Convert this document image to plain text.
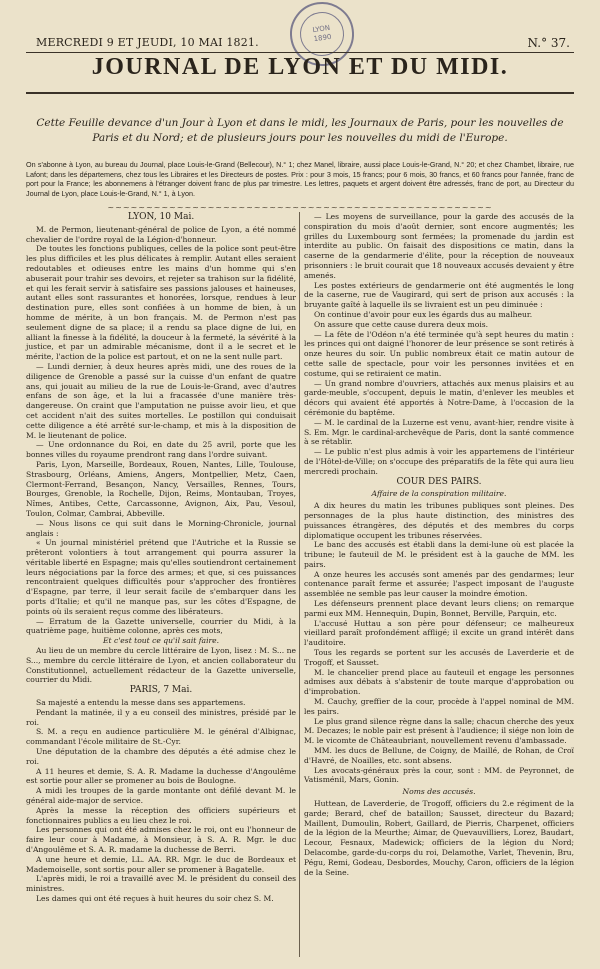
LYON
1890
MERCREDI 9 ET JEUDI, 10 MAI 1821.	N.° 37.
JOURNAL DE LYON ET DU MIDI.
Cette Feuille devance d'un Jour à Lyon et dans le midi, les Journaux de Paris, pour les nouvelles de Paris et du Nord; et de plusieurs jours pour les nouvelles du midi de l'Europe.
On s'abonne à Lyon, au bureau du Journal, place Louis-le-Grand (Bellecour), N.° 1; chez Manel, libraire, aussi place Louis-le-Grand, N.° 20; et chez Chambet, libraire, rue Lafont; dans les départemens, chez tous les Libraires et les Directeurs de postes. Prix : pour 3 mois, 15 francs; pour 6 mois, 30 francs, et 60 francs pour l'année, franc de port pour la France; les abonnemens à l'étranger doivent franc de plus par trimestre. Les lettres, paquets et argent doivent être adressés, franc de port, au Directeur du Journal de Lyon, place Louis-le-Grand, N.° 1, à Lyon.
~~~~~~~~~~~~~~~~~~~~~~~~~~~~~~~~~~~~~~~~~~~~~~~~~~

LYON, 10 Mai.

M. de Permon, lieutenant-général de police de Lyon, a été nommé chevalier de l'ordre royal de la Légion-d'honneur.

De toutes les fonctions publiques, celles de la police sont peut-être les plus difficiles et les plus délicates à remplir. Autant elles seraient redoutables et odieuses entre les mains d'un homme qui s'en abuserait pour trahir ses devoirs, et rejeter sa trahison sur la fidélité, et qui les ferait servir à satisfaire ses passions jalouses et haineuses, autant elles sont rassurantes et honorées, lorsque, rendues à leur destination pure, elles sont confiées à un homme de bien, à un homme de mérite, à un bon français. M. de Permon n'est pas seulement digne de sa place; il a rendu sa place digne de lui, en alliant la finesse à la fidélité, la douceur à la fermeté, la sévérité à la justice, et par un admirable mécanisme, dont il a le secret et le mérite, l'action de la police est partout, et on ne la sent nulle part.

— Lundi dernier, à deux heures après midi, une des roues de la diligence de Grenoble a passé sur la cuisse d'un enfant de quatre ans, qui jouait au milieu de la rue de Louis-le-Grand, avec d'autres enfans de son âge, et la lui a fracassée d'une manière très-dangereuse. On craint que l'amputation ne puisse avoir lieu, et que cet accident n'ait des suites mortelles. Le postillon qui conduisait cette diligence a été arrêté sur-le-champ, et mis à la disposition de M. le lieutenant de police.

— Une ordonnance du Roi, en date du 25 avril, porte que les bonnes villes du royaume prendront rang dans l'ordre suivant.

Paris, Lyon, Marseille, Bordeaux, Rouen, Nantes, Lille, Toulouse, Strasbourg, Orléans, Amiens, Angers, Montpellier, Metz, Caen, Clermont-Ferrand, Besançon, Nancy, Versailles, Rennes, Tours, Bourges, Grenoble, la Rochelle, Dijon, Reims, Montauban, Troyes, Nîmes, Antibes, Cette, Carcassonne, Avignon, Aix, Pau, Vesoul, Toulon, Colmar, Cambrai, Abbeville.

— Nous lisons ce qui suit dans le Morning-Chronicle, journal anglais :

« Un journal ministériel prétend que l'Autriche et la Russie se prêteront volontiers à tout arrangement qui pourra assurer la véritable liberté en Espagne; mais qu'elles soutiendront certainement leurs négociations par la force des armes; et que, si ces puissances rencontraient quelques difficultés pour s'approcher des frontières d'Espagne, par terre, il leur serait facile de s'embarquer dans les ports d'Italie; et qu'il ne manque pas, sur les côtes d'Espagne, de points où ils seraient reçus comme des libérateurs.

— Erratum de la Gazette universelle, courrier du Midi, à la quatrième page, huitième colonne, après ces mots,

Et c'est tout ce qu'il sait faire.

Au lieu de un membre du cercle littéraire de Lyon, lisez : M. S... ne S..., membre du cercle littéraire de Lyon, et ancien collaborateur du Constitutionnel, actuellement rédacteur de la Gazette universelle, courrier du Midi.

PARIS, 7 Mai.

Sa majesté a entendu la messe dans ses appartemens.

Pendant la matinée, il y a eu conseil des ministres, présidé par le roi.

S. M. a reçu en audience particulière M. le général d'Albignac, commandant l'école militaire de St.-Cyr.

Une députation de la chambre des députés a été admise chez le roi.

A 11 heures et demie, S. A. R. Madame la duchesse d'Angoulême est sortie pour aller se promener au bois de Boulogne.

A midi les troupes de la garde montante ont défilé devant M. le général aide-major de service.

Après la messe la réception des officiers supérieurs et fonctionnaires publics a eu lieu chez le roi.

Les personnes qui ont été admises chez le roi, ont eu l'honneur de faire leur cour à Madame, à Monsieur, à S. A. R. Mgr. le duc d'Angoulême et S. A. R. madame la duchesse de Berri.

A une heure et demie, LL. AA. RR. Mgr. le duc de Bordeaux et Mademoiselle, sont sortis pour aller se promener à Bagatelle.

L'après midi, le roi a travaillé avec M. le président du conseil des ministres.

Les dames qui ont été reçues à huit heures du soir chez S. M.

— Les moyens de surveillance, pour la garde des accusés de la conspiration du mois d'août dernier, sont encore augmentés; les grilles du Luxembourg sont fermées; la promenade du jardin est interdite au public. On faisait des dispositions ce matin, dans la caserne de la gendarmerie d'élite, pour la réception de nouveaux prisonniers : le bruit courait que 18 nouveaux accusés devaient y être amenés.

Les postes extérieurs de gendarmerie ont été augmentés le long de la caserne, rue de Vaugirard, qui sert de prison aux accusés : la bruyante gaîté à laquelle ils se livraient est un peu diminuée :

On continue d'avoir pour eux les égards dus au malheur.

On assure que cette cause durera deux mois.

— La fête de l'Odéon n'a été terminée qu'à sept heures du matin : les princes qui ont daigné l'honorer de leur présence se sont retirés à onze heures du soir. Un public nombreux était ce matin autour de cette salle de spectacle, pour voir les personnes invitées et en costume, qui se retiraient ce matin.

— Un grand nombre d'ouvriers, attachés aux menus plaisirs et au garde-meuble, s'occupent, depuis le matin, d'enlever les meubles et décors qui avaient été apportés à Notre-Dame, à l'occasion de la cérémonie du baptême.

— M. le cardinal de la Luzerne est venu, avant-hier, rendre visite à S. Em. Mgr. le cardinal-archevêque de Paris, dont la santé commence à se rétablir.

— Le public n'est plus admis à voir les appartemens de l'intérieur de l'Hôtel-de-Ville; on s'occupe des préparatifs de la fête qui aura lieu mercredi prochain.

COUR DES PAIRS.

Affaire de la conspiration militaire.

A dix heures du matin les tribunes publiques sont pleines. Des personnages de la plus haute distinction, des ministres des puissances étrangères, des députés et des membres du corps diplomatique occupent les tribunes réservées.

Le banc des accusés est établi dans la demi-lune où est placée la tribune; le fauteuil de M. le président est à la gauche de MM. les pairs.

A onze heures les accusés sont amenés par des gendarmes; leur contenance paraît ferme et assurée; l'aspect imposant de l'auguste assemblée ne semble pas leur causer la moindre émotion.

Les défenseurs prennent place devant leurs cliens; on remarque parmi eux MM. Hennequin, Dupin, Bonnet, Berville, Parquin, etc.

L'accusé Huttau a son père pour défenseur; ce malheureux vieillard paraît profondément affligé; il excite un grand intérêt dans l'auditoire.

Tous les regards se portent sur les accusés de Laverderie et de Trogoff, et Sausset.

M. le chancelier prend place au fauteuil et engage les personnes admises aux débats à s'abstenir de toute marque d'approbation ou d'improbation.

M. Cauchy, greffier de la cour, procède à l'appel nominal de MM. les pairs.

Le plus grand silence règne dans la salle; chacun cherche des yeux M. Decazes; le noble pair est présent à l'audience; il siége non loin de M. le vicomte de Châteaubriant, nouvellement revenu d'ambassade.

MM. les ducs de Bellune, de Coigny, de Maillé, de Rohan, de Croï d'Havré, de Noailles, etc. sont absens.

Les avocats-généraux près la cour, sont : MM. de Peyronnet, de Vatisménil, Mars, Gonin.

Noms des accusés.

Huttean, de Laverderie, de Trogoff, officiers du 2.e régiment de la garde; Berard, chef de bataillon; Sausset, directeur du Bazard; Maillent, Dumoulin, Robert, Gaillard, de Pierris, Charpenet, officiers de la légion de la Meurthe; Aimar, de Quevauvilliers, Lorez, Baudart, Lecour, Fesnaux, Madewick; officiers de la légion du Nord; Delacombe, garde-du-corps du roi, Delamothe, Varlet, Thevenin, Bru, Pégu, Remi, Godeau, Desbordes, Mouchy, Caron, officiers de la légion de la Seine.
